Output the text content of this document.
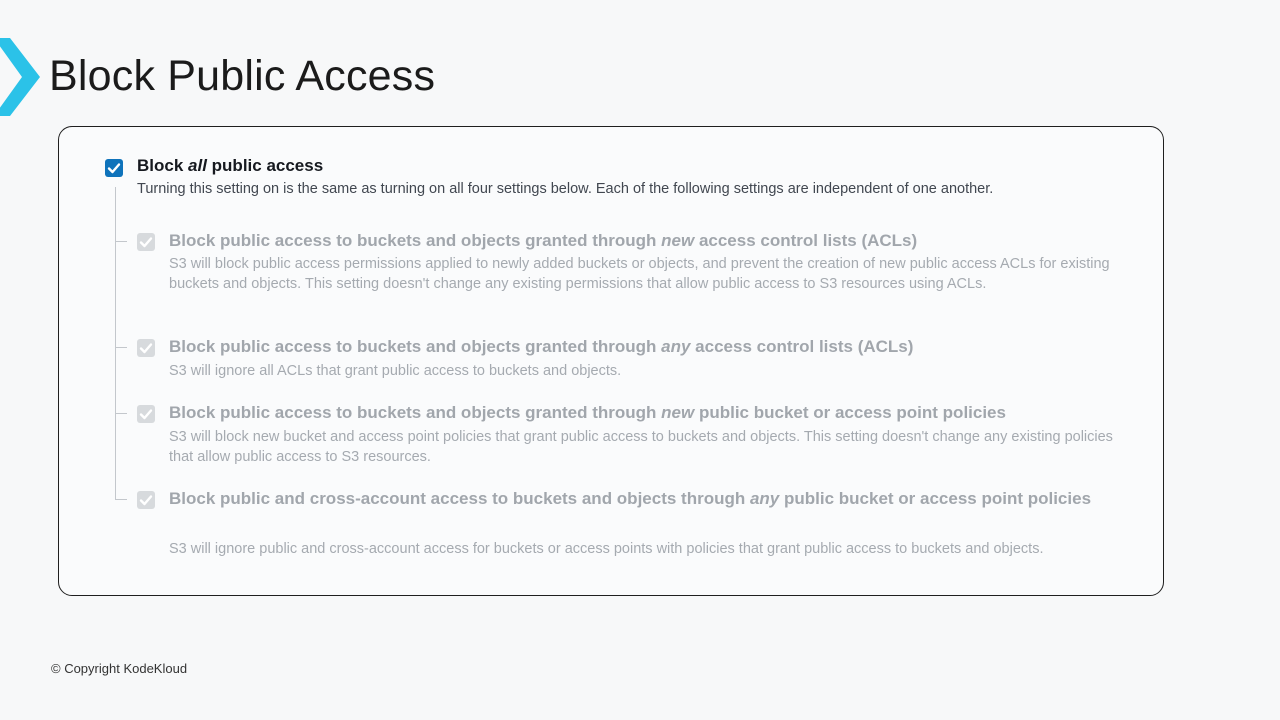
Block Public Access
Block all public access
Turning this setting on is the same as turning on all four settings below. Each of the following settings are independent of one another.
Block public access to buckets and objects granted through new access control lists (ACLs)
S3 will block public access permissions applied to newly added buckets or objects, and prevent the creation of new public access ACLs for existing buckets and objects. This setting doesn't change any existing permissions that allow public access to S3 resources using ACLs.
Block public access to buckets and objects granted through any access control lists (ACLs)
S3 will ignore all ACLs that grant public access to buckets and objects.
Block public access to buckets and objects granted through new public bucket or access point policies
S3 will block new bucket and access point policies that grant public access to buckets and objects. This setting doesn't change any existing policies that allow public access to S3 resources.
Block public and cross-account access to buckets and objects through any public bucket or access point policies
S3 will ignore public and cross-account access for buckets or access points with policies that grant public access to buckets and objects.
© Copyright KodeKloud
